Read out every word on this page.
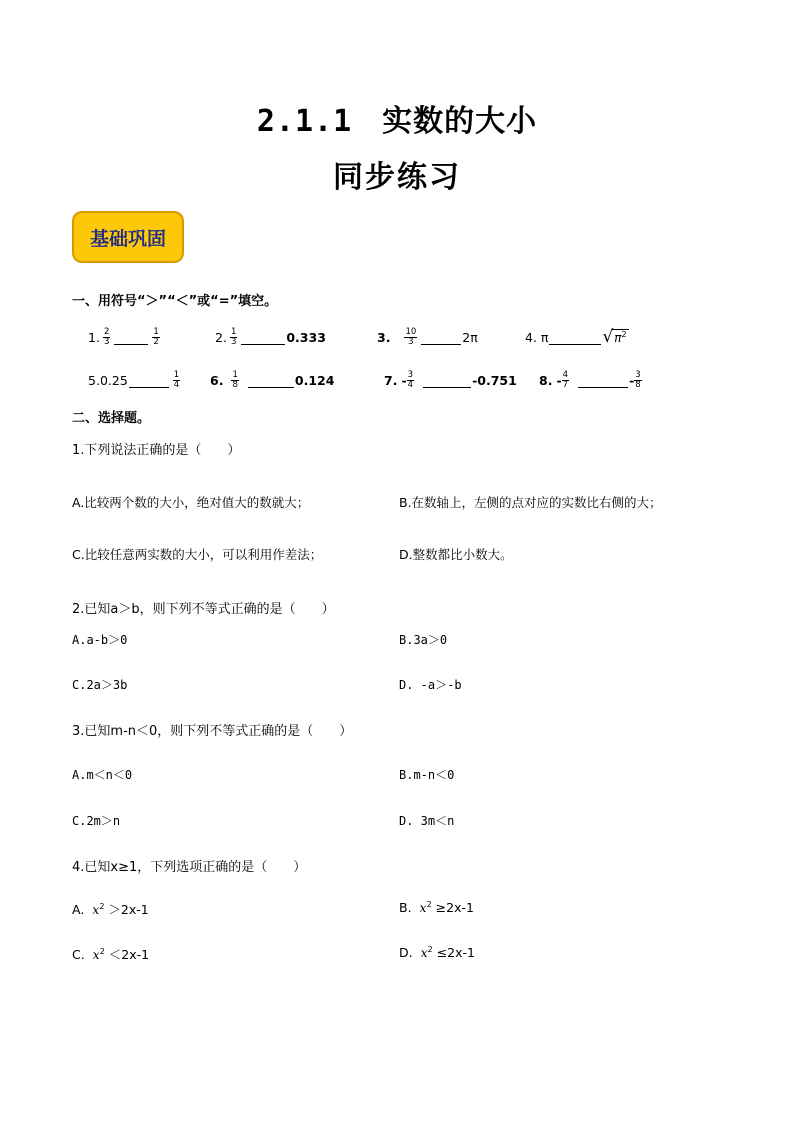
2.1.1 实数的大小
同步练习
基础巩固
一、用符号“＞”“＜”或“=”填空。
1. $\frac{2}{3}$	$\frac{1}{2}$	2. $\frac{1}{3}$	0.333	3. $\frac{10}{3}$	2π	4.
π	√ $\pi^2$
5. 0.25	$\frac{1}{4} 6$. $\frac{1}{8}$	0.124	7.
- $\frac{3}{4}$	-0.751 8.
- $\frac{4}{7}$	- $\frac{3}{8}$
二、选择题。
1.下列说法正确的是（　　）
A.比较两个数的大小，绝对值大的数就大；	B.在数轴上，左侧的点对应的实数比右侧的大；
C.比较任意两实数的大小，可以利用作差法；	D.整数都比小数大。
2.已知a＞b，则下列不等式正确的是（　　）
A.a-b＞0	B.3a＞0
C.2a＞3b	D. -a＞-b
3.已知m-n＜0，则下列不等式正确的是（　　）
A.m＜n＜0	B.m-n＜0
C.2m＞n	D. 3m＜n
4.已知x≥1，下列选项正确的是（　　）
A. $x^2 >2x-1$	B. $x^2 \ge 2x-1$
C. $x^2 <2x-1$	D. $x^2 \le 2x-1$
